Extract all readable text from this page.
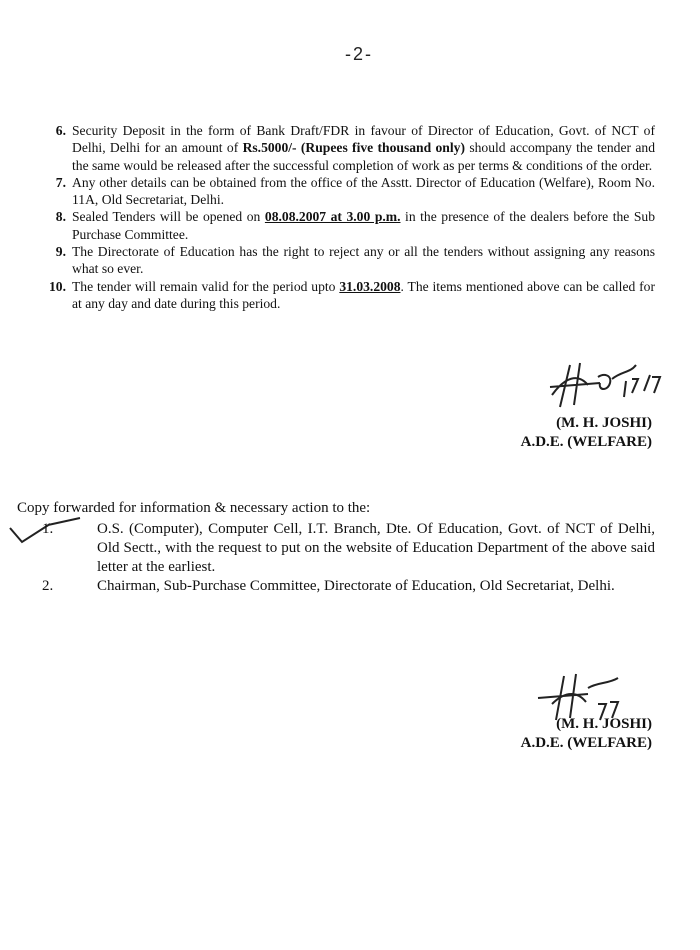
-2-
6. Security Deposit in the form of Bank Draft/FDR in favour of Director of Education, Govt. of NCT of Delhi, Delhi for an amount of Rs.5000/- (Rupees five thousand only) should accompany the tender and the same would be released after the successful completion of work as per terms & conditions of the order.
7. Any other details can be obtained from the office of the Asstt. Director of Education (Welfare), Room No. 11A, Old Secretariat, Delhi.
8. Sealed Tenders will be opened on 08.08.2007 at 3.00 p.m. in the presence of the dealers before the Sub Purchase Committee.
9. The Directorate of Education has the right to reject any or all the tenders without assigning any reasons what so ever.
10. The tender will remain valid for the period upto 31.03.2008. The items mentioned above can be called for at any day and date during this period.
(M. H. JOSHI)
A.D.E. (WELFARE)
Copy forwarded for information & necessary action to the:
1.	O.S. (Computer), Computer Cell, I.T. Branch, Dte. Of Education, Govt. of NCT of Delhi, Old Sectt., with the request to put on the website of Education Department of the above said letter at the earliest.
2.	Chairman, Sub-Purchase Committee, Directorate of Education, Old Secretariat, Delhi.
(M. H. JOSHI)
A.D.E. (WELFARE)
